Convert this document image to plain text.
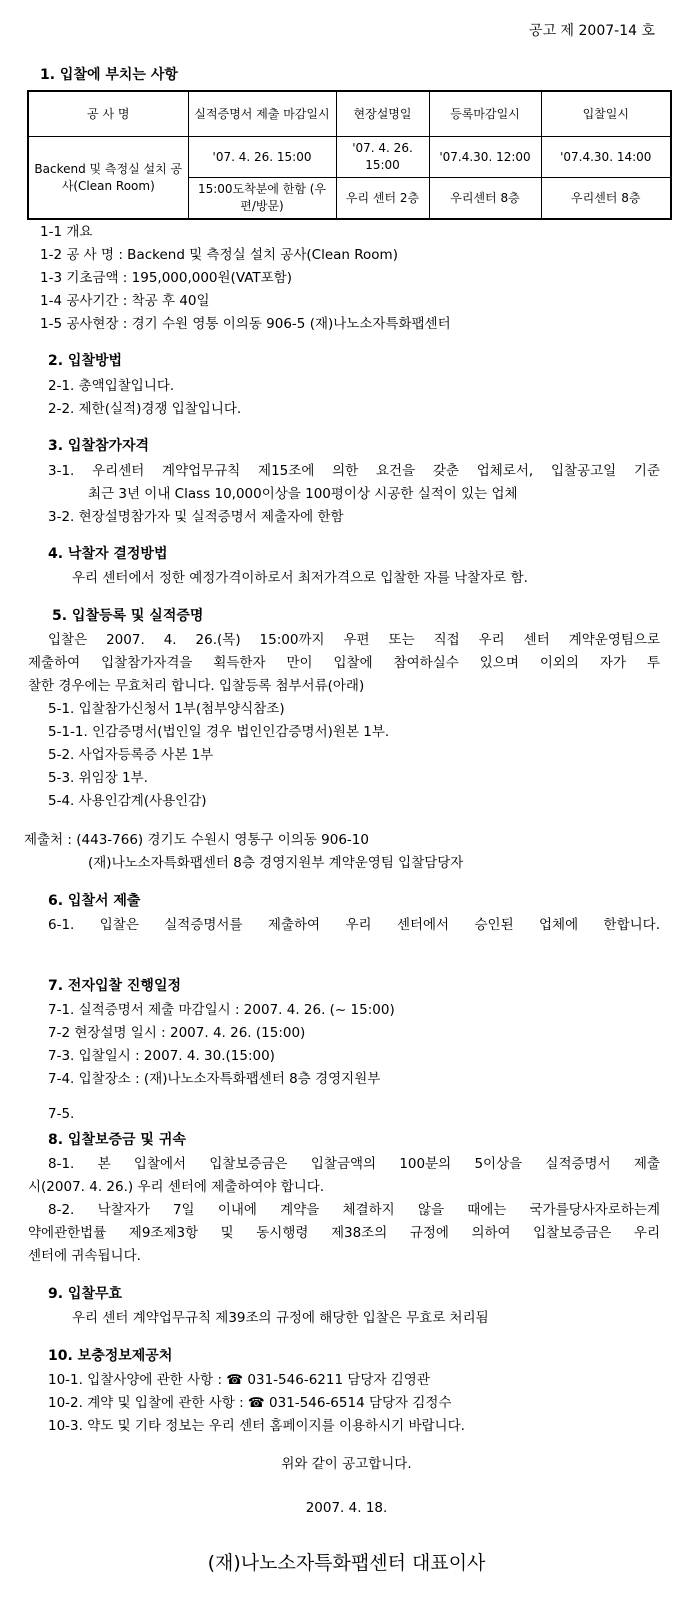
공고 제 2007-14 호
1. 입찰에 부치는 사항
공 사 명	실적증명서 제출 마감일시	현장설명일	등록마감일시	입찰일시
Backend 및 측정실 설치 공사(Clean Room)	'07. 4. 26. 15:00	'07. 4. 26. 15:00	'07.4.30. 12:00	'07.4.30. 14:00
	15:00도착분에 한함 (우편/방문)	우리 센터 2층	우리센터 8층	우리센터 8층
1-1 개요
1-2 공 사 명 : Backend 및 측정실 설치 공사(Clean Room)
1-3 기초금액 : 195,000,000원(VAT포함)
1-4 공사기간 : 착공 후 40일
1-5 공사현장 : 경기 수원 영통 이의동 906-5 (재)나노소자특화팹센터
2. 입찰방법
2-1. 총액입찰입니다.
2-2. 제한(실적)경쟁 입찰입니다.
3. 입찰참가자격
3-1. 우리센터 계약업무규칙 제15조에 의한 요건을 갖춘 업체로서, 입찰공고일 기준
최근 3년 이내 Class 10,000이상을 100평이상 시공한 실적이 있는 업체
3-2. 현장설명참가자 및 실적증명서 제출자에 한함
4. 낙찰자 결정방법
우리 센터에서 정한 예정가격이하로서 최저가격으로 입찰한 자를 낙찰자로 함.
5. 입찰등록 및 실적증명
입찰은 2007. 4. 26.(목) 15:00까지 우편 또는 직접 우리 센터 계약운영팀으로
제출하여 입찰참가자격을 획득한자 만이 입찰에 참여하실수 있으며 이외의 자가 투
찰한 경우에는 무효처리 합니다. 입찰등록 첨부서류(아래)
5-1. 입찰참가신청서 1부(첨부양식참조)
5-1-1. 인감증명서(법인일 경우 법인인감증명서)원본 1부.
5-2. 사업자등록증 사본 1부
5-3. 위임장 1부.
5-4. 사용인감계(사용인감)
제출처 : (443-766) 경기도 수원시 영통구 이의동 906-10
(재)나노소자특화팹센터 8층 경영지원부 계약운영팀 입찰담당자
6. 입찰서 제출
6-1. 입찰은 실적증명서를 제출하여 우리 센터에서 승인된 업체에 한합니다.
7. 전자입찰 진행일정
7-1. 실적증명서 제출 마감일시 : 2007. 4. 26. (~ 15:00)
7-2 현장설명 일시 : 2007. 4. 26. (15:00)
7-3. 입찰일시 : 2007. 4. 30.(15:00)
7-4. 입찰장소 : (재)나노소자특화팹센터 8층 경영지원부
7-5.
8. 입찰보증금 및 귀속
8-1. 본 입찰에서 입찰보증금은 입찰금액의 100분의 5이상을 실적증명서 제출
시(2007. 4. 26.) 우리 센터에 제출하여야 합니다.
8-2. 낙찰자가 7일 이내에 계약을 체결하지 않을 때에는 국가를당사자로하는계
약에관한법률 제9조제3항 및 동시행령 제38조의 규정에 의하여 입찰보증금은 우리
센터에 귀속됩니다.
9. 입찰무효
우리 센터 계약업무규칙 제39조의 규정에 해당한 입찰은 무효로 처리됨
10. 보충정보제공처
10-1. 입찰사양에 관한 사항 : ☎ 031-546-6211 담당자 김영관
10-2. 계약 및 입찰에 관한 사항 : ☎ 031-546-6514 담당자 김정수
10-3. 약도 및 기타 정보는 우리 센터 홈페이지를 이용하시기 바랍니다.
위와 같이 공고합니다.
2007. 4. 18.
(재)나노소자특화팹센터 대표이사
